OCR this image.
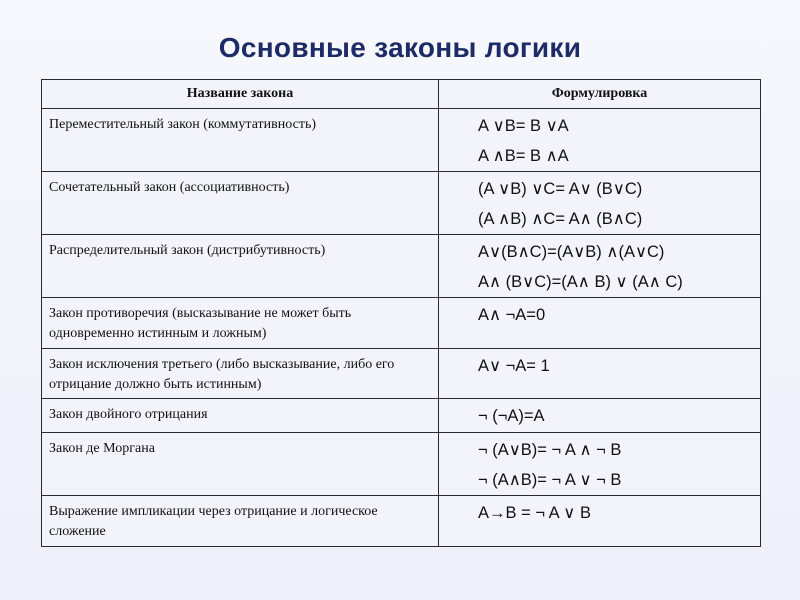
Основные законы логики
Название закона	Формулировка
Переместительный закон (коммутативность)	A ∨B= B ∨A
A ∧B= B ∧A

Сочетательный закон (ассоциативность)	(A ∨B) ∨C= A∨ (B∨C)
(A ∧B) ∧C= A∧ (B∧C)

Распределительный закон (дистрибутивность)	A∨(B∧C)=(A∨B) ∧(A∨C)
A∧ (B∨C)=(A∧ B) ∨ (A∧ C)

Закон противоречия (высказывание не может быть одновременно истинным и ложным)	A∧ ¬A=0

Закон исключения третьего (либо высказывание, либо его отрицание должно быть истинным)	A∨ ¬A= 1

Закон двойного отрицания	¬ (¬A)=A

Закон де Моргана	¬ (A∨B)= ¬ A ∧ ¬ B
¬ (A∧B)= ¬ A ∨ ¬ B

Выражение импликации через отрицание и логическое сложение	A→B = ¬ A ∨ B
